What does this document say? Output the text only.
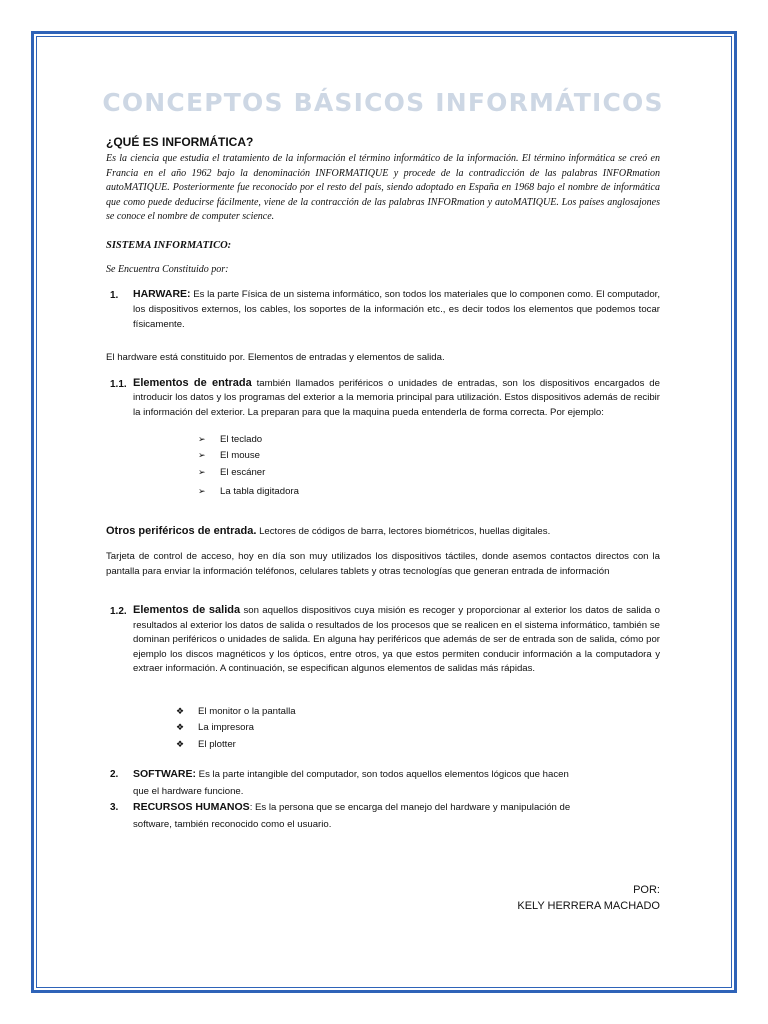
CONCEPTOS BÁSICOS INFORMÁTICOS
¿QUÉ ES INFORMÁTICA?
Es la ciencia que estudia el tratamiento de la información el término informático de la información. El término informática se creó en Francia en el año 1962 bajo la denominación INFORMATIQUE y procede de la contradicción de las palabras INFORmation autoMATIQUE. Posteriormente fue reconocido por el resto del país, siendo adoptado en España en 1968 bajo el nombre de informática que como puede deducirse fácilmente, viene de la contracción de las palabras INFORmation y autoMATIQUE. Los países anglosajones se conoce el nombre de computer science.
SISTEMA INFORMATICO:
Se Encuentra Constituido por:
1. HARWARE: Es la parte Física de un sistema informático, son todos los materiales que lo componen como. El computador, los dispositivos externos, los cables, los soportes de la información etc., es decir todos los elementos que podemos tocar físicamente.
El hardware está constituido por. Elementos de entradas y elementos de salida.
1.1. Elementos de entrada también llamados periféricos o unidades de entradas, son los dispositivos encargados de introducir los datos y los programas del exterior a la memoria principal para utilización. Estos dispositivos además de recibir la información del exterior. La preparan para que la maquina pueda entenderla de forma correcta. Por ejemplo:
➢ El teclado
➢ El mouse
➢ El escáner
➢ La tabla digitadora
Otros periféricos de entrada. Lectores de códigos de barra, lectores biométricos, huellas digitales.
Tarjeta de control de acceso, hoy en día son muy utilizados los dispositivos táctiles, donde asemos contactos directos con la pantalla para enviar la información teléfonos, celulares tablets y otras tecnologías que generan entrada de información
1.2. Elementos de salida son aquellos dispositivos cuya misión es recoger y proporcionar al exterior los datos de salida o resultados al exterior los datos de salida o resultados de los procesos que se realicen en el sistema informático, también se dominan periféricos o unidades de salida. En alguna hay periféricos que además de ser de entrada son de salida, cómo por ejemplo los discos magnéticos y los ópticos, entre otros, ya que estos permiten conducir información a la computadora y extraer información. A continuación, se especifican algunos elementos de salidas más rápidas.
❖ El monitor o la pantalla
❖ La impresora
❖ El plotter
2. SOFTWARE: Es la parte intangible del computador, son todos aquellos elementos lógicos que hacen que el hardware funcione.
3. RECURSOS HUMANOS: Es la persona que se encarga del manejo del hardware y manipulación de software, también reconocido como el usuario.
POR:
KELY HERRERA MACHADO
